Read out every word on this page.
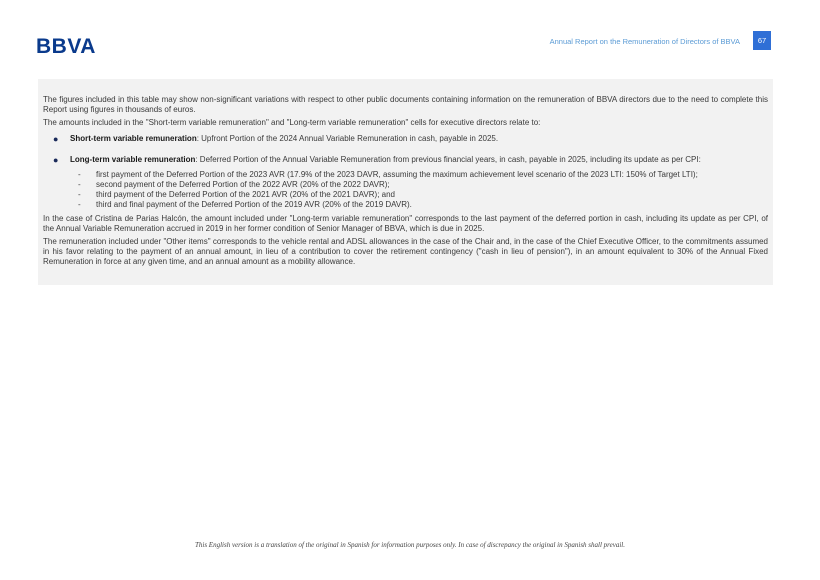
BBVA	Annual Report on the Remuneration of Directors of BBVA	67

The figures included in this table may show non-significant variations with respect to other public documents containing information on the remuneration of BBVA directors due to the need to complete this Report using figures in thousands of euros.

The amounts included in the "Short-term variable remuneration" and "Long-term variable remuneration" cells for executive directors relate to:

● Short-term variable remuneration: Upfront Portion of the 2024 Annual Variable Remuneration in cash, payable in 2025.
● Long-term variable remuneration: Deferred Portion of the Annual Variable Remuneration from previous financial years, in cash, payable in 2025, including its update as per CPI:
- first payment of the Deferred Portion of the 2023 AVR (17.9% of the 2023 DAVR, assuming the maximum achievement level scenario of the 2023 LTI: 150% of Target LTI);
- second payment of the Deferred Portion of the 2022 AVR (20% of the 2022 DAVR);
- third payment of the Deferred Portion of the 2021 AVR (20% of the 2021 DAVR); and
- third and final payment of the Deferred Portion of the 2019 AVR (20% of the 2019 DAVR).

In the case of Cristina de Parias Halcón, the amount included under "Long-term variable remuneration" corresponds to the last payment of the deferred portion in cash, including its update as per CPI, of the Annual Variable Remuneration accrued in 2019 in her former condition of Senior Manager of BBVA, which is due in 2025.

The remuneration included under "Other items" corresponds to the vehicle rental and ADSL allowances in the case of the Chair and, in the case of the Chief Executive Officer, to the commitments assumed in his favor relating to the payment of an annual amount, in lieu of a contribution to cover the retirement contingency ("cash in lieu of pension"), in an amount equivalent to 30% of the Annual Fixed Remuneration in force at any given time, and an annual amount as a mobility allowance.

This English version is a translation of the original in Spanish for information purposes only. In case of discrepancy the original in Spanish shall prevail.
